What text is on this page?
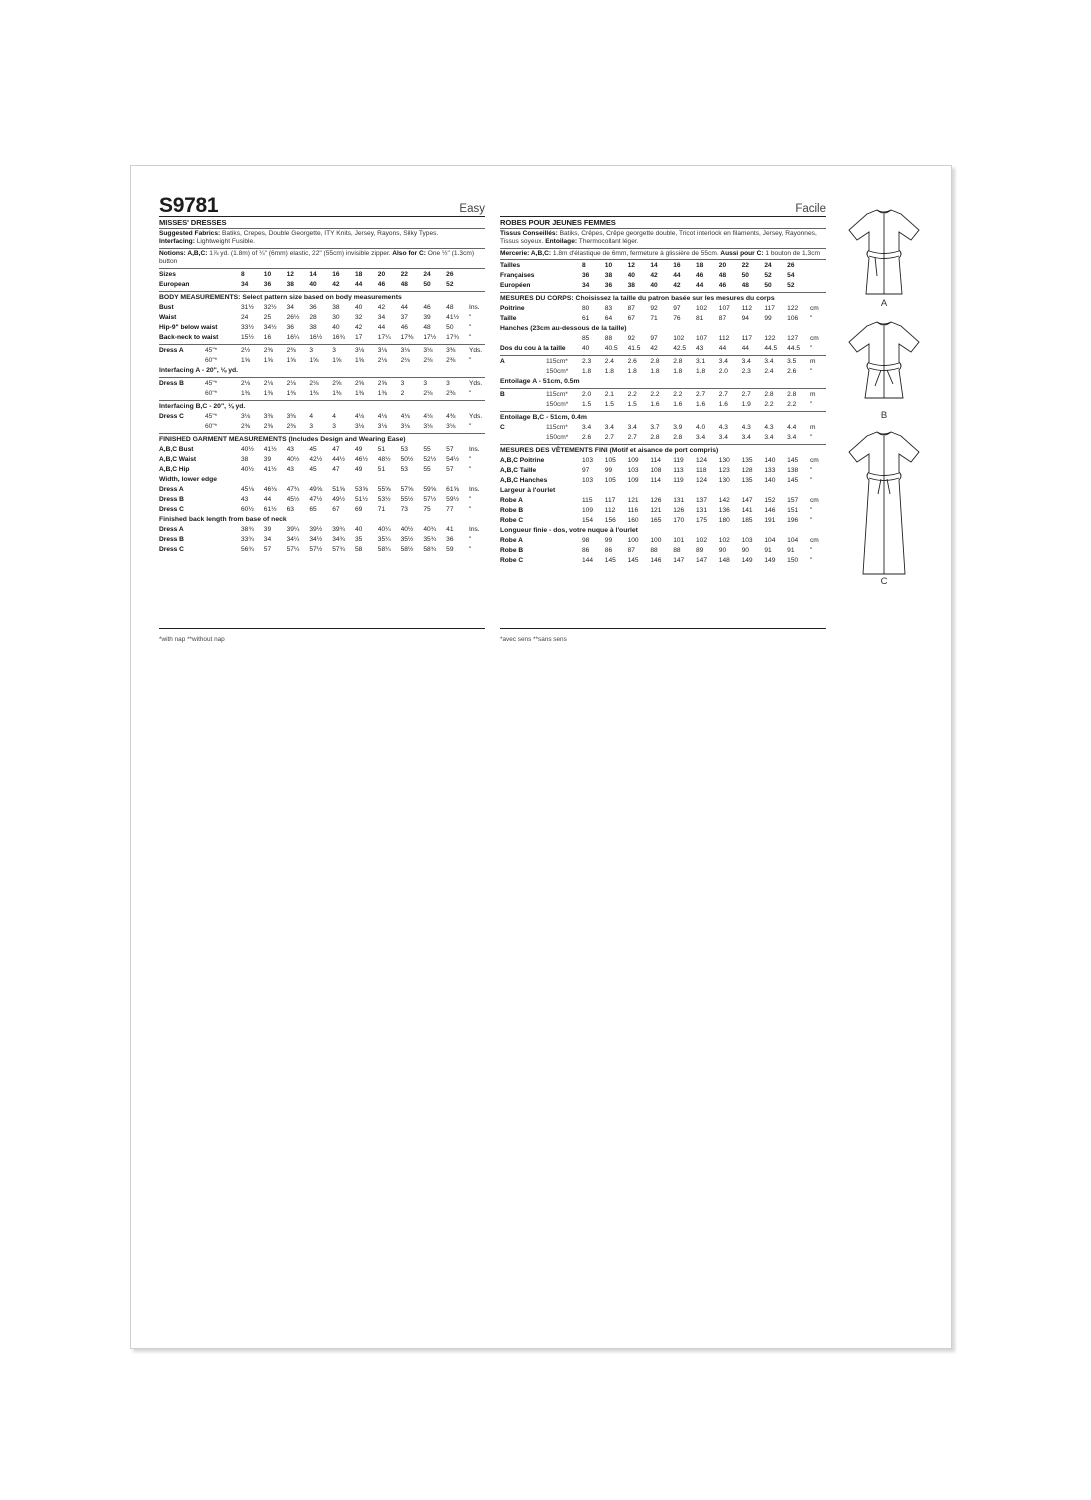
S9781	Easy
MISSES' DRESSES
Suggested Fabrics: Batiks, Crepes, Double Georgette, ITY Knits, Jersey, Rayons, Silky Types.
Interfacing: Lightweight Fusible.
Notions: A,B,C: 1⅞ yd. (1.8m) of ¼" (6mm) elastic, 22" (55cm) invisible zipper. Also for C: One ½" (1.3cm) button
Sizes	8	10	12	14	16	18	20	22	24	26
European	34	36	38	40	42	44	46	48	50	52
BODY MEASUREMENTS: Select pattern size based on body measurements
Bust	31½	32½	34	36	38	40	42	44	46	48	Ins.
Waist	24	25	26½	28	30	32	34	37	39	41½	"
Hip-9" below waist	33½	34½	36	38	40	42	44	46	48	50	"
Back-neck to waist	15½	16	16¼	16½	16¾	17	17¼	17⅜	17½	17¾	"
Dress A	45"*	2½	2⅜	2⅜	3	3	3⅛	3⅛	3⅛	3⅛	3⅜	Yds.
	60"*	1⅝	1⅝	1⅝	1⅝	1⅝	1⅝	2⅛	2⅛	2⅛	2⅜	"
Interfacing A - 20", ⅛ yd.
Dress B	45"*	2⅛	2⅛	2⅛	2⅛	2⅝	2⅝	2⅝	3	3	3	Yds.
	60"*	1⅜	1⅜	1⅜	1⅜	1⅜	1⅜	1⅜	2	2⅛	2⅜	"
Interfacing B,C - 20", ⅛ yd.
Dress C	45"*	3⅛	3⅜	3⅜	4	4	4⅛	4⅛	4⅛	4⅛	4⅜	Yds.
	60"*	2⅜	2⅜	2⅜	3	3	3⅛	3⅛	3⅛	3⅛	3⅛	"
FINISHED GARMENT MEASUREMENTS (Includes Design and Wearing Ease)
A,B,C Bust	40½	41½	43	45	47	49	51	53	55	57	Ins.
A,B,C Waist	38	39	40½	42½	44½	46½	48½	50½	52½	54½	"
A,B,C Hip	40½	41½	43	45	47	49	51	53	55	57	"
Width, lower edge
Dress A	45⅛	46⅛	47¾	49⅝	51⅝	53⅝	55⅝	57⅝	59⅝	61⅝	Ins.
Dress B	43	44	45½	47½	49½	51½	53½	55½	57½	59½	"
Dress C	60½	61½	63	65	67	69	71	73	75	77	"
Finished back length from base of neck
Dress A	38¾	39	39¼	39½	39¾	40	40¼	40½	40¾	41	Ins.
Dress B	33¾	34	34¼	34½	34¾	35	35¼	35½	35¾	36	"
Dress C	56¾	57	57¼	57½	57¾	58	58¼	58½	58¾	59	"
Facile
ROBES POUR JEUNES FEMMES
Tissus Conseillés: Batiks, Crêpes, Crêpe georgette double, Tricot interlock en filaments, Jersey, Rayonnes, Tissus soyeux. Entoilage: Thermocollant léger.
Mercerie: A,B,C: 1.8m d'élastique de 6mm, fermeture à glissière de 55cm. Aussi pour C: 1 bouton de 1.3cm
Tailles	8	10	12	14	16	18	20	22	24	26
Françaises	36	38	40	42	44	46	48	50	52	54
Européen	34	36	38	40	42	44	46	48	50	52
MESURES DU CORPS: Choisissez la taille du patron basée sur les mesures du corps
Poitrine	80	83	87	92	97	102	107	112	117	122	cm
Taille	61	64	67	71	76	81	87	94	99	106	"
Hanches (23cm au-dessous de la taille)
	85	88	92	97	102	107	112	117	122	127	cm
Dos du cou à la taille	40	40.5	41.5	42	42.5	43	44	44	44.5	44.5	"
A	115cm*	2.3	2.4	2.6	2.8	2.8	3.1	3.4	3.4	3.4	3.5	m
	150cm*	1.8	1.8	1.8	1.8	1.8	1.8	2.0	2.3	2.4	2.6	"
Entoilage A - 51cm, 0.5m
B	115cm*	2.0	2.1	2.2	2.2	2.2	2.7	2.7	2.7	2.8	2.8	m
	150cm*	1.5	1.5	1.5	1.6	1.6	1.6	1.6	1.9	2.2	2.2	"
Entoilage B,C - 51cm, 0.4m
C	115cm*	3.4	3.4	3.4	3.7	3.9	4.0	4.3	4.3	4.3	4.4	m
	150cm*	2.6	2.7	2.7	2.8	2.8	3.4	3.4	3.4	3.4	3.4	"
MESURES DES VÊTEMENTS FINI (Motif et aisance de port compris)
A,B,C Poitrine	103	105	109	114	119	124	130	135	140	145	cm
A,B,C Taille	97	99	103	108	113	118	123	128	133	138	"
A,B,C Hanches	103	105	109	114	119	124	130	135	140	145	"
Largeur à l'ourlet
Robe A	115	117	121	126	131	137	142	147	152	157	cm
Robe B	109	112	116	121	126	131	136	141	146	151	"
Robe C	154	156	160	165	170	175	180	185	191	196	"
Longueur finie - dos, votre nuque à l'ourlet
Robe A	98	99	100	100	101	102	102	103	104	104	cm
Robe B	86	86	87	88	88	89	90	90	91	91	"
Robe C	144	145	145	146	147	147	148	149	149	150	"
*with nap **without nap	*avec sens **sans sens
A
B
C
